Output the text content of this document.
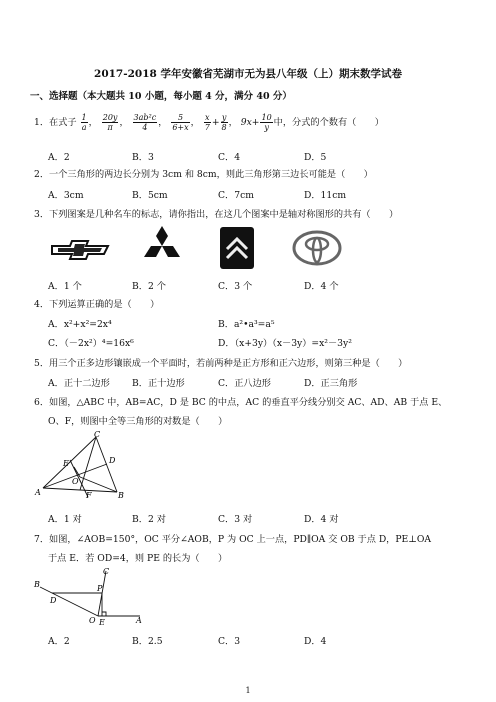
2017-2018 学年安徽省芜湖市无为县八年级（上）期末数学试卷
一、选择题（本大题共 10 小题，每小题 4 分，满分 40 分）
1．在式子 $\frac{1}{a}$ ， $\frac{20y}{\pi}$ ， $\frac{\text{3ab²c}}{4}$ ， $\frac{5}{6+x}$ ， $\frac{x}{7} + \frac{y}{8}$ ， $9x+ \frac{10}{y}$ 中，分式的个数有（　　）
A．2	B．3	C．4	D．5
2．一个三角形的两边长分别为 3cm 和 8cm，则此三角形第三边长可能是（　　）
A．3cm	B．5cm	C．7cm	D．11cm
3．下列图案是几种名车的标志，请你指出，在这几个图案中是轴对称图形的共有（　　）
A．1 个	B．2 个	C．3 个	D．4 个
4．下列运算正确的是（　　）
A．x²+x²=2x⁴	B．a²•a³=a⁵
C．（－2x²）⁴=16x⁶	D．（x+3y）（x－3y）=x²－3y²
5．用三个正多边形镶嵌成一个平面时，若前两种是正方形和正六边形，则第三种是（　　）
A．正十二边形 B．正十边形	C．正八边形	D．正三角形
6．如图，△ABC 中，AB=AC，D 是 BC 的中点，AC 的垂直平分线分别交 AC、AD、AB 于点 E、
O、F，则图中全等三角形的对数是（　　）
C
E	D
O
A	F	B
A．1 对	B．2 对	C．3 对	D．4 对
7．如图，∠AOB=150°，OC 平分∠AOB，P 为 OC 上一点，PD∥OA 交 OB 于点 D，PE⊥OA
于点 E．若 OD=4，则 PE 的长为（　　）
C
B	P
D
O E	A
A．2	B．2.5	C．3	D．4
1
